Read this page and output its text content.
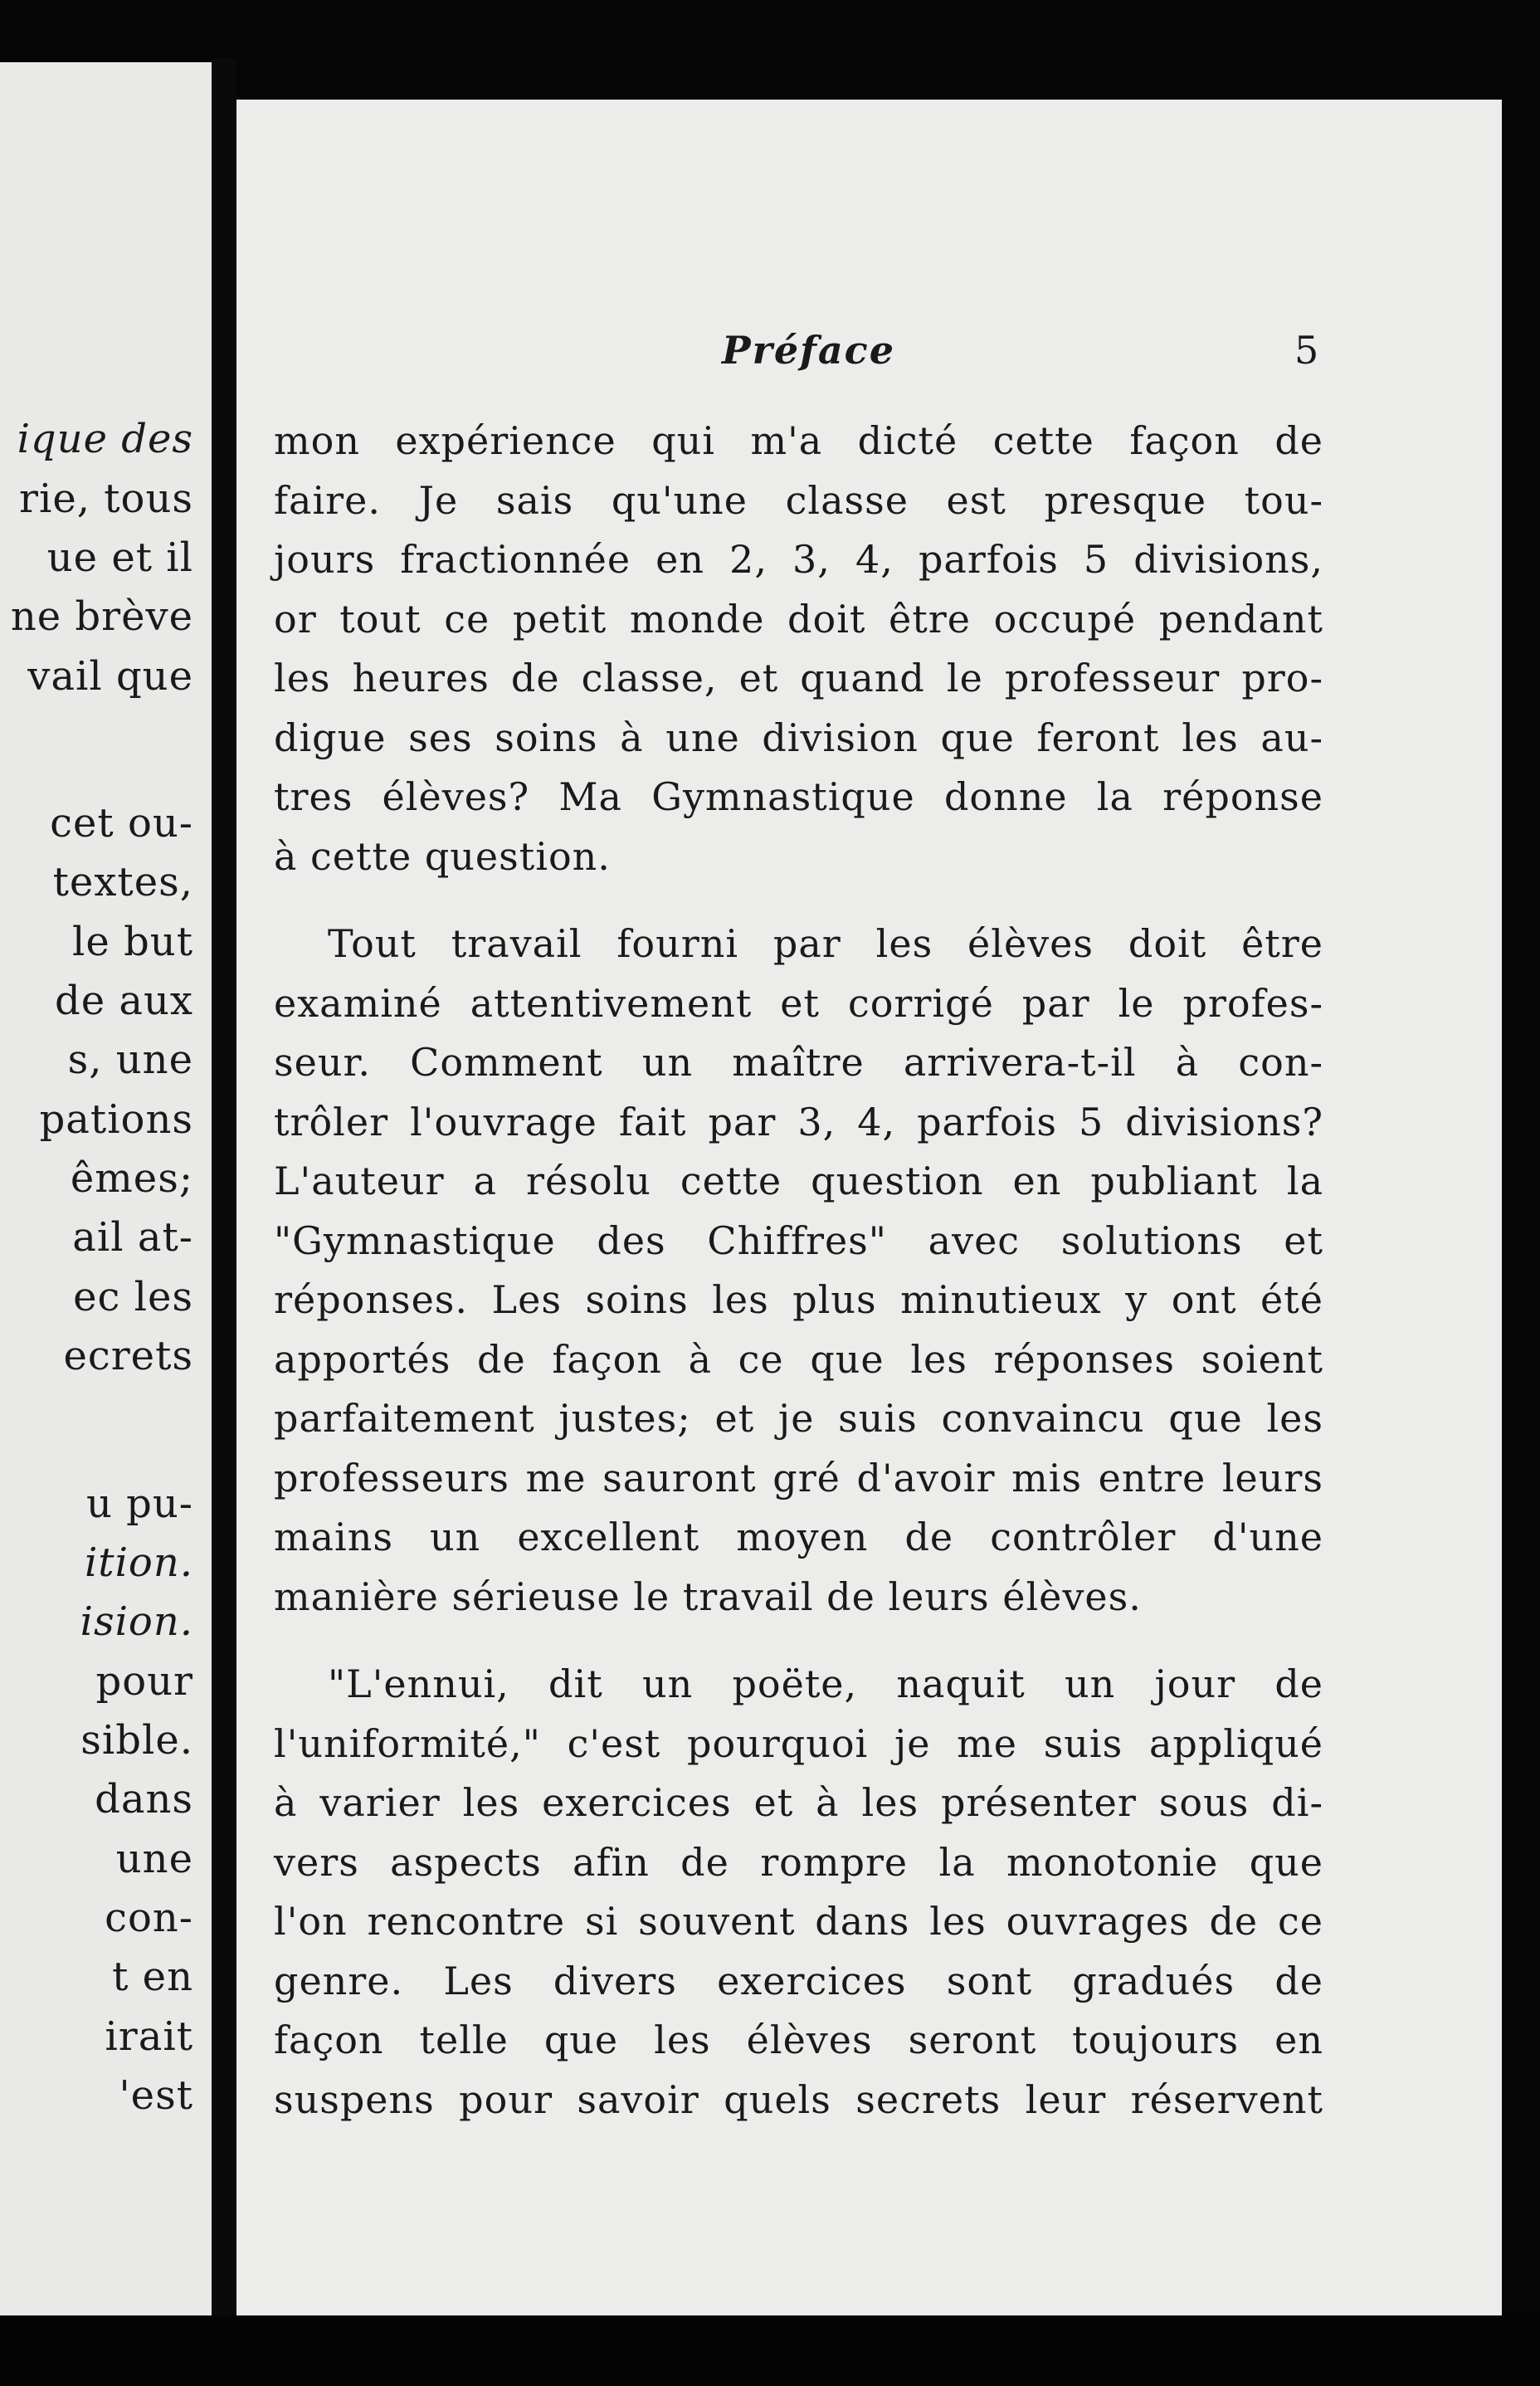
ique des
rie, tous
ue et il
ne brève
vail que
cet ou-
textes,
le but
de aux
s, une
pations
êmes;
ail at-
ec les
ecrets
u pu-
ition.
ision.
pour
sible.
dans
une
con-
t en
irait
'est
Préface	5
mon expérience qui m'a dicté cette façon de
faire. Je sais qu'une classe est presque tou-
jours fractionnée en 2, 3, 4, parfois 5 divisions,
or tout ce petit monde doit être occupé pendant
les heures de classe, et quand le professeur pro-
digue ses soins à une division que feront les au-
tres élèves? Ma Gymnastique donne la réponse
à cette question.
Tout travail fourni par les élèves doit être
examiné attentivement et corrigé par le profes-
seur. Comment un maître arrivera-t-il à con-
trôler l'ouvrage fait par 3, 4, parfois 5 divisions?
L'auteur a résolu cette question en publiant la
"Gymnastique des Chiffres" avec solutions et
réponses. Les soins les plus minutieux y ont été
apportés de façon à ce que les réponses soient
parfaitement justes; et je suis convaincu que les
professeurs me sauront gré d'avoir mis entre leurs
mains un excellent moyen de contrôler d'une
manière sérieuse le travail de leurs élèves.
"L'ennui, dit un poëte, naquit un jour de
l'uniformité," c'est pourquoi je me suis appliqué
à varier les exercices et à les présenter sous di-
vers aspects afin de rompre la monotonie que
l'on rencontre si souvent dans les ouvrages de ce
genre. Les divers exercices sont gradués de
façon telle que les élèves seront toujours en
suspens pour savoir quels secrets leur réservent
